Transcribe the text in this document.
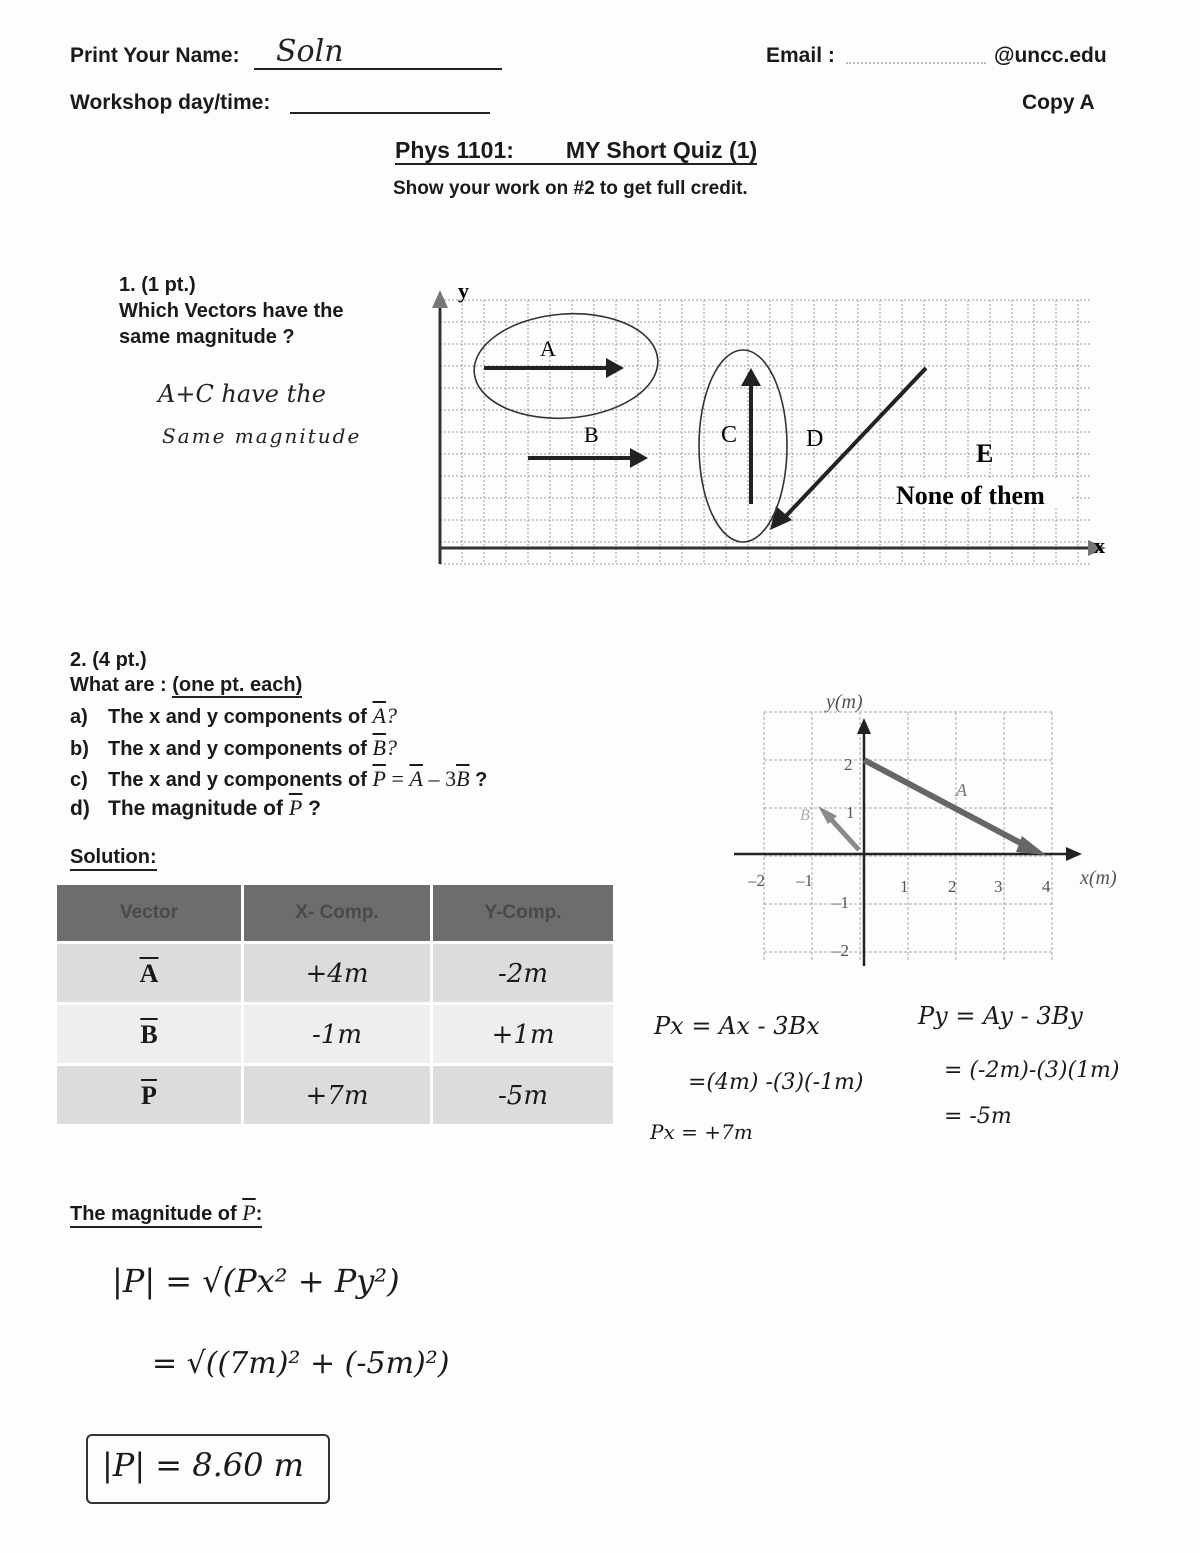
Print Your Name: Soln	Email :	@uncc.edu
Workshop day/time:	Copy A
Phys 1101: MY Short Quiz (1)
Show your work on #2 to get full credit.
1. (1 pt.)
Which Vectors have the
same magnitude ?
A+C have the
Same magnitude
x
y
A
B	C	D	E
None of them
2. (4 pt.)
What are : (one pt. each)
a) The x and y components of $\overline{A}$?
b) The x and y components of $\overline{B}$?
c) The x and y components of $\overline{P} = \overline{A} - 3\overline{B}$ ?
d) The magnitude of $\overline{P}$ ?
Solution:
Vector	X- Comp.	Y-Comp.
$\overline{A}$	+4m	-2m
$\overline{B}$	-1m	+1m
$\overline{P}$	+7m	-5m
y(m)
x(m)
–2 –1	1 2 3 4
2
1
–1
–2
A
B
Px = Ax - 3Bx
=(4m) -(3)(-1m)
Px = +7m
Py = Ay - 3By
= (-2m)-(3)(1m)
= -5m
The magnitude of $\overline{P}$:
|P| = √(Px² + Py²)
= √((7m)² + (-5m)²)
|P| = 8.60 m
